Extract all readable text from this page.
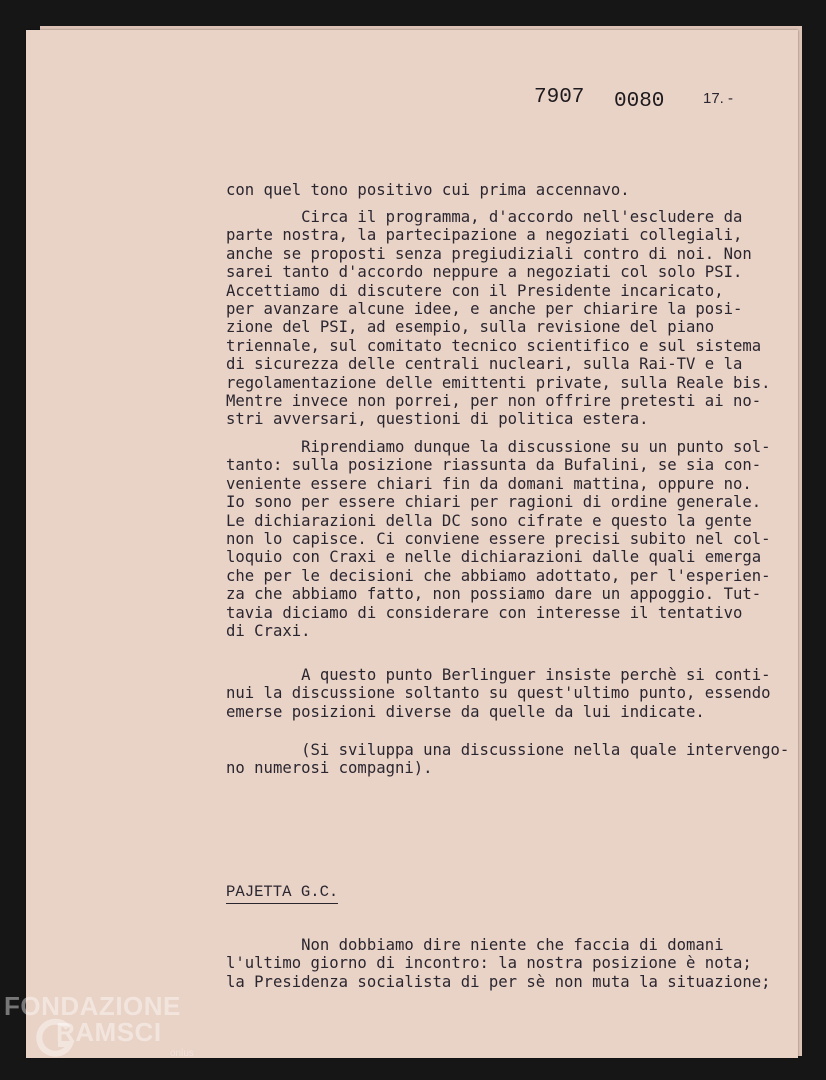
7907 0080	17. -
con quel tono positivo cui prima accennavo.
Circa il programma, d'accordo nell'escludere da
parte nostra, la partecipazione a negoziati collegiali,
anche se proposti senza pregiudiziali contro di noi. Non
sarei tanto d'accordo neppure a negoziati col solo PSI.
Accettiamo di discutere con il Presidente incaricato,
per avanzare alcune idee, e anche per chiarire la posi-
zione del PSI, ad esempio, sulla revisione del piano
triennale, sul comitato tecnico scientifico e sul sistema
di sicurezza delle centrali nucleari, sulla Rai-TV e la
regolamentazione delle emittenti private, sulla Reale bis.
Mentre invece non porrei, per non offrire pretesti ai no-
stri avversari, questioni di politica estera.
Riprendiamo dunque la discussione su un punto sol-
tanto: sulla posizione riassunta da Bufalini, se sia con-
veniente essere chiari fin da domani mattina, oppure no.
Io sono per essere chiari per ragioni di ordine generale.
Le dichiarazioni della DC sono cifrate e questo la gente
non lo capisce. Ci conviene essere precisi subito nel col-
loquio con Craxi e nelle dichiarazioni dalle quali emerga
che per le decisioni che abbiamo adottato, per l'esperien-
za che abbiamo fatto, non possiamo dare un appoggio. Tut-
tavia diciamo di considerare con interesse il tentativo
di Craxi.
A questo punto Berlinguer insiste perchè si conti-
nui la discussione soltanto su quest'ultimo punto, essendo
emerse posizioni diverse da quelle da lui indicate.
(Si sviluppa una discussione nella quale intervengo-
no numerosi compagni).
PAJETTA G.C.
Non dobbiamo dire niente che faccia di domani
l'ultimo giorno di incontro: la nostra posizione è nota;
la Presidenza socialista di per sè non muta la situazione;
FONDAZIONE
RAMSCI
onlus
